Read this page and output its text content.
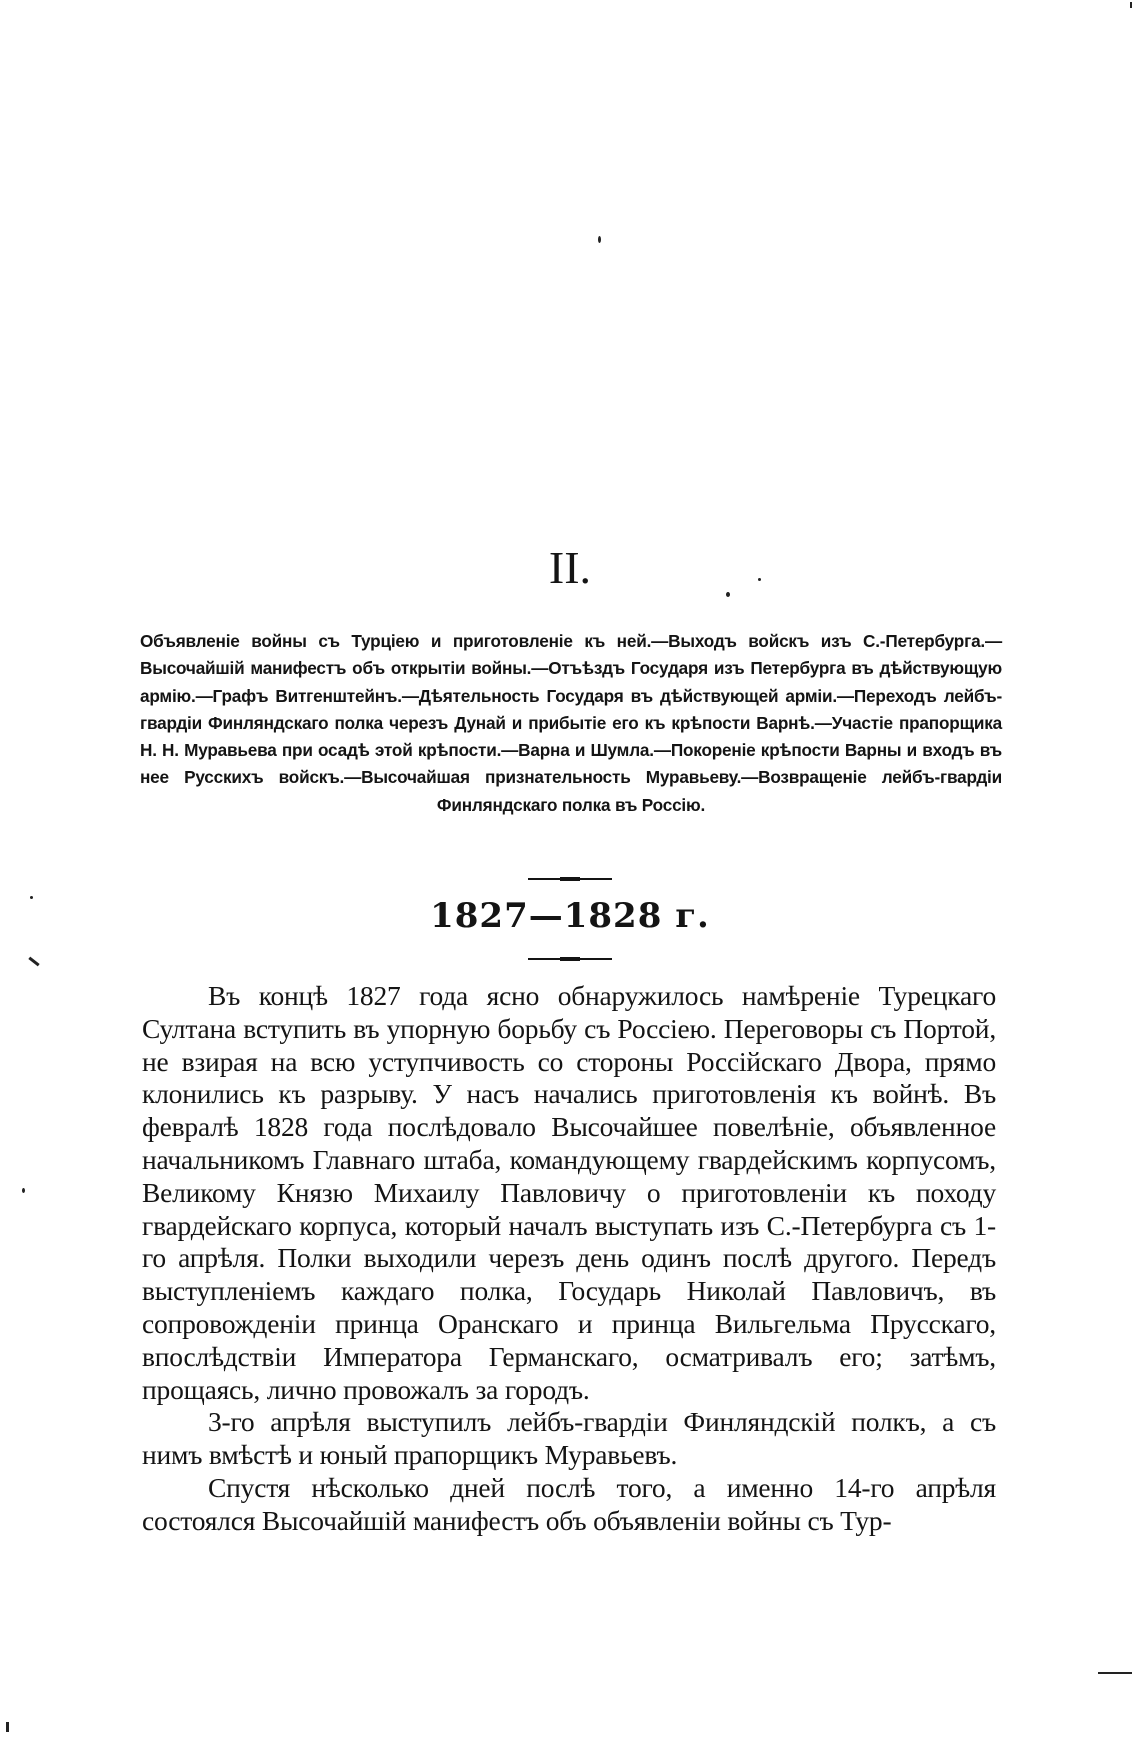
II.
Объявленіе войны съ Турціею и приготовленіе къ ней.—Выходъ войскъ изъ С.-Петербурга.—Высочайшій манифестъ объ открытіи войны.—Отъѣздъ Государя изъ Петербурга въ дѣйствующую армію.—Графъ Витгенштейнъ.—Дѣятельность Государя въ дѣйствующей арміи.—Переходъ лейбъ-гвардіи Финляндскаго полка черезъ Дунай и прибытіе его къ крѣпости Варнѣ.—Участіе прапорщика Н. Н. Муравьева при осадѣ этой крѣпости.—Варна и Шумла.—Покореніе крѣпости Варны и входъ въ нее Русскихъ войскъ.—Высочайшая признательность Муравьеву.—Возвращеніе лейбъ-гвардіи Финляндскаго полка въ Россію.
1827—1828 г.

Въ концѣ 1827 года ясно обнаружилось намѣреніе Турецкаго Султана вступить въ упорную борьбу съ Россіею. Переговоры съ Портой, не взирая на всю уступчивость со стороны Россійскаго Двора, прямо клонились къ разрыву. У насъ начались приготовленія къ войнѣ. Въ февралѣ 1828 года послѣдовало Высочайшее повелѣніе, объявленное начальникомъ Главнаго штаба, командующему гвардейскимъ корпусомъ, Великому Князю Михаилу Павловичу о приготовленіи къ походу гвардейскаго корпуса, который началъ выступать изъ С.-Петербурга съ 1-го апрѣля. Полки выходили черезъ день одинъ послѣ другого. Передъ выступленіемъ каждаго полка, Государь Николай Павловичъ, въ сопровожденіи принца Оранскаго и принца Вильгельма Прусскаго, впослѣдствіи Императора Германскаго, осматривалъ его; затѣмъ, прощаясь, лично провожалъ за городъ.

3-го апрѣля выступилъ лейбъ-гвардіи Финляндскій полкъ, а съ нимъ вмѣстѣ и юный прапорщикъ Муравьевъ.

Спустя нѣсколько дней послѣ того, а именно 14-го апрѣля состоялся Высочайшій манифестъ объ объявленіи войны съ Тур-
